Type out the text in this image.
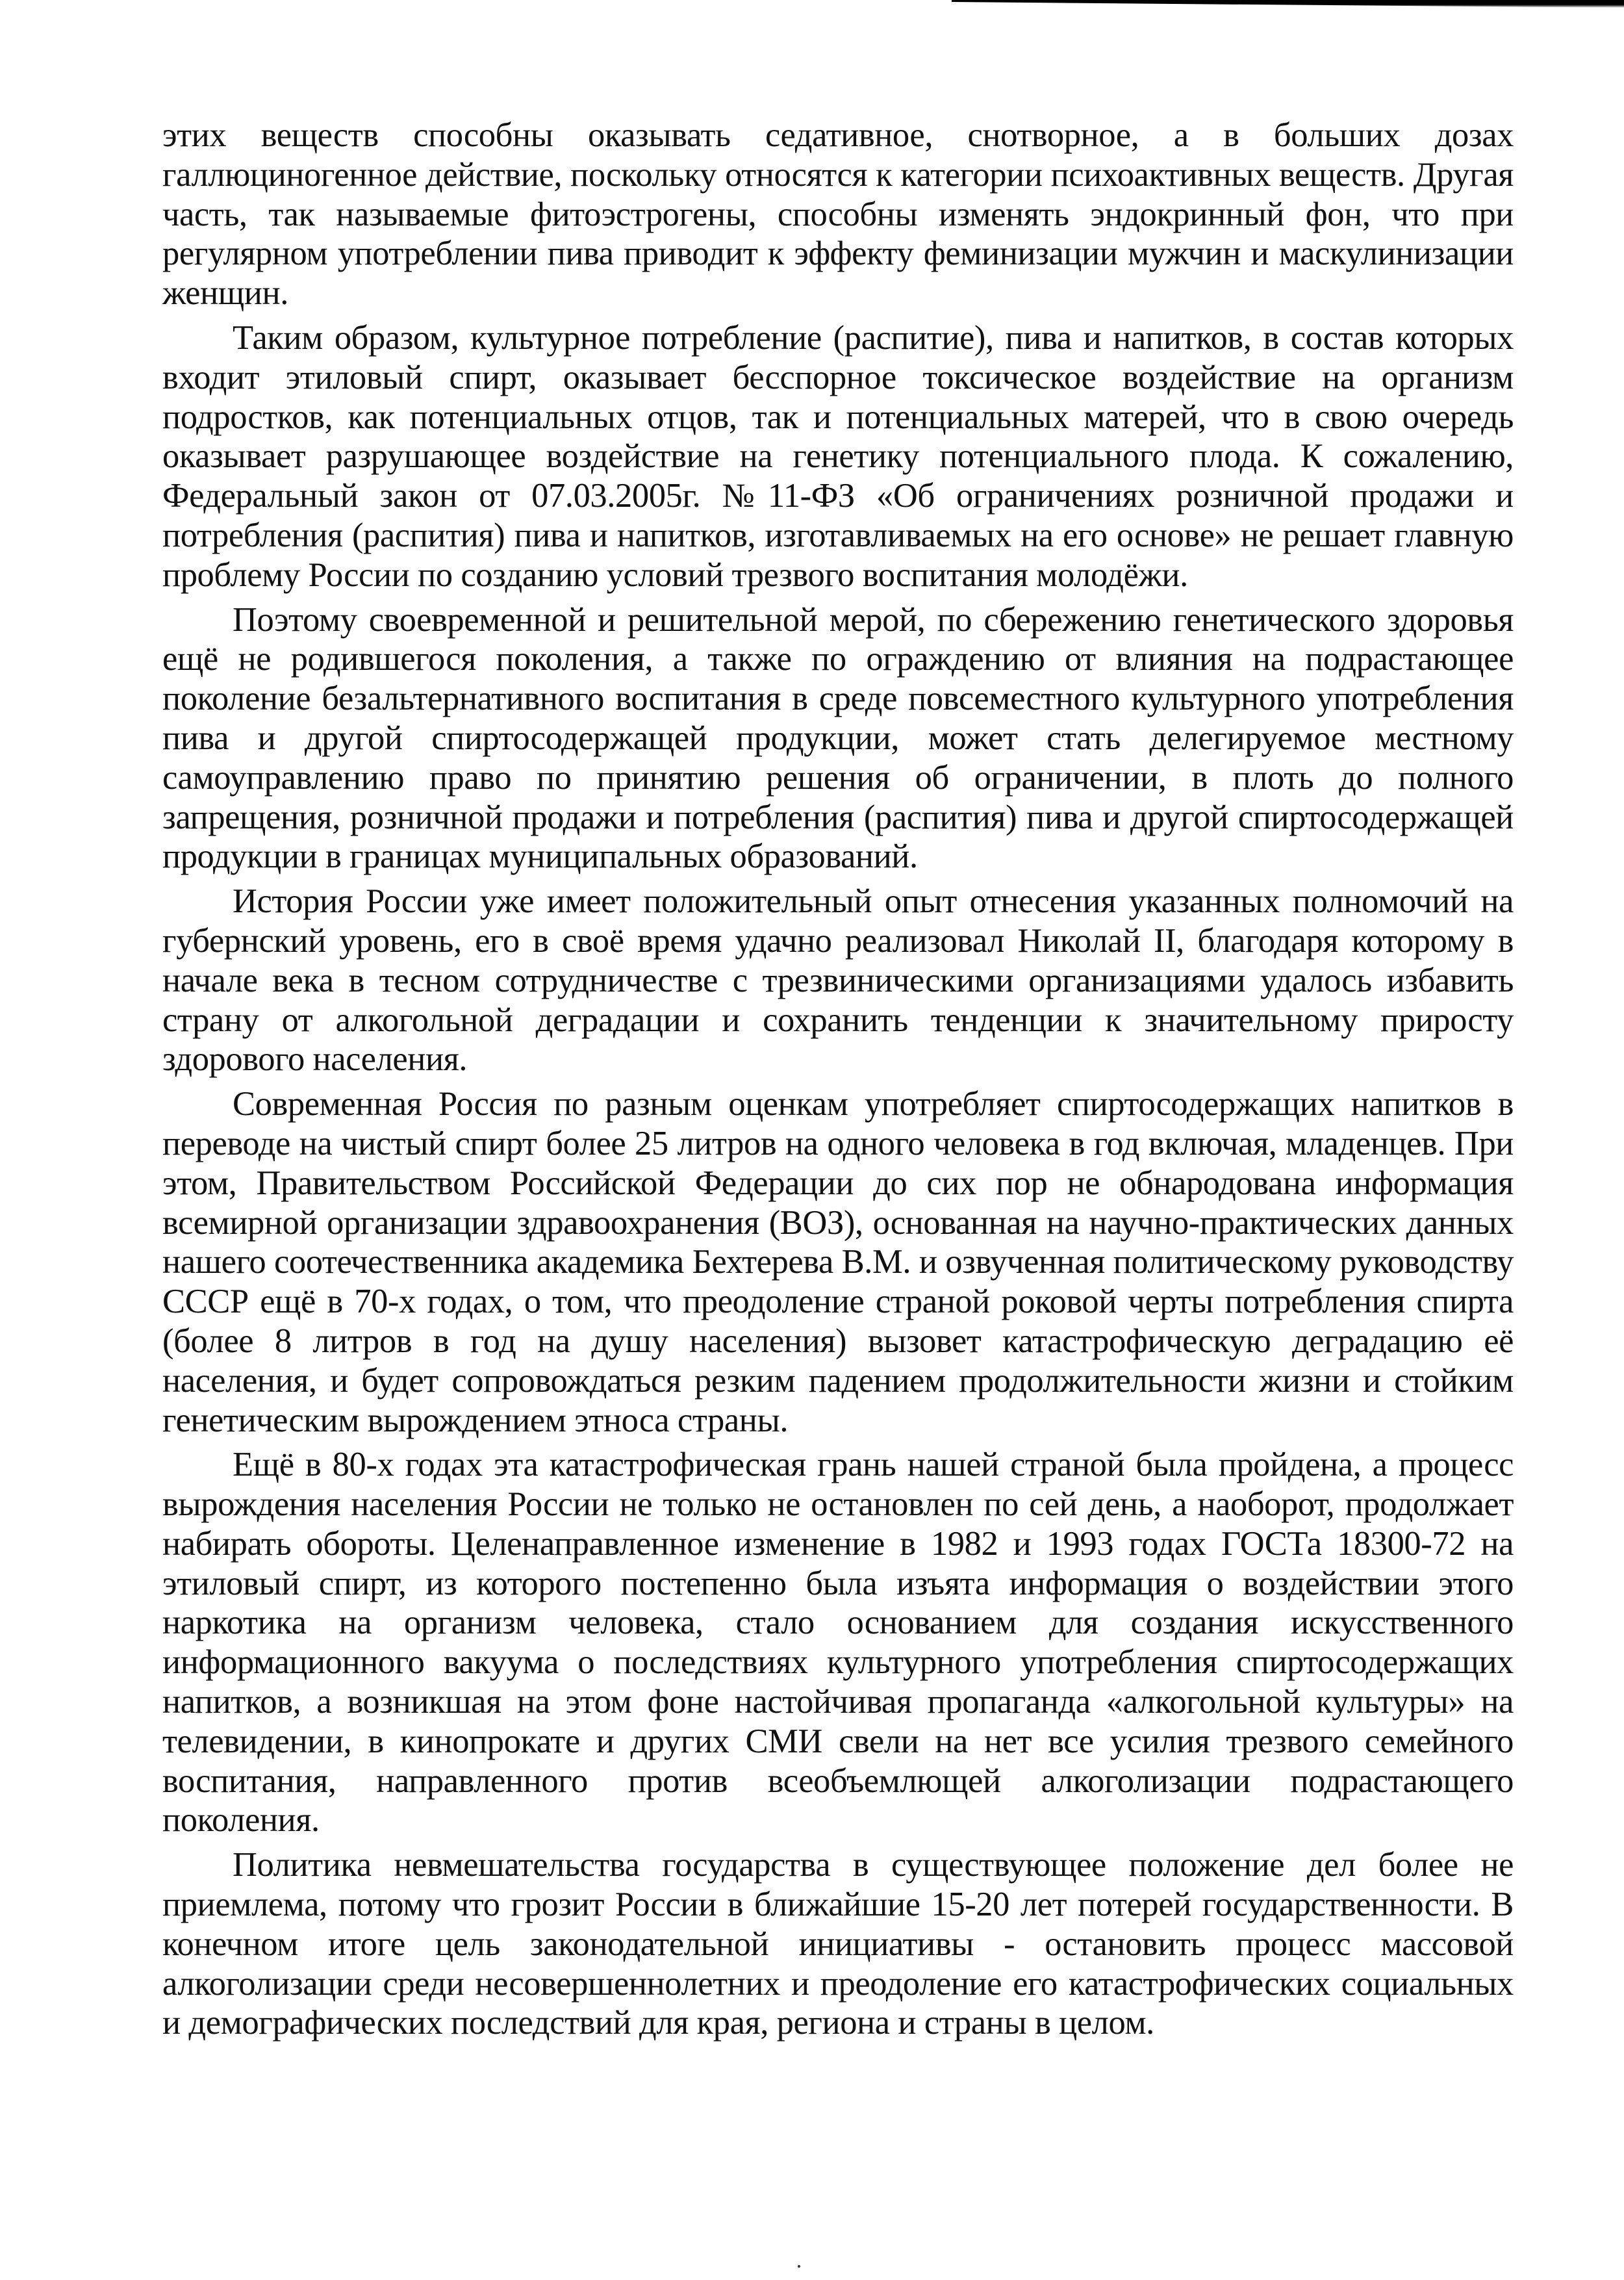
этих веществ способны оказывать седативное, снотворное, а в больших дозах галлюциногенное действие, поскольку относятся к категории психоактивных веществ. Другая часть, так называемые фитоэстрогены, способны изменять эндокринный фон, что при регулярном употреблении пива приводит к эффекту феминизации мужчин и маскулинизации женщин.

Таким образом, культурное потребление (распитие), пива и напитков, в состав которых входит этиловый спирт, оказывает бесспорное токсическое воздействие на организм подростков, как потенциальных отцов, так и потенциальных матерей, что в свою очередь оказывает разрушающее воздействие на генетику потенциального плода. К сожалению, Федеральный закон от 07.03.2005г. №11-ФЗ «Об ограничениях розничной продажи и потребления (распития) пива и напитков, изготавливаемых на его основе» не решает главную проблему России по созданию условий трезвого воспитания молодёжи.

Поэтому своевременной и решительной мерой, по сбережению генетического здоровья ещё не родившегося поколения, а также по ограждению от влияния на подрастающее поколение безальтернативного воспитания в среде повсеместного культурного употребления пива и другой спиртосодержащей продукции, может стать делегируемое местному самоуправлению право по принятию решения об ограничении, в плоть до полного запрещения, розничной продажи и потребления (распития) пива и другой спиртосодержащей продукции в границах муниципальных образований.

История России уже имеет положительный опыт отнесения указанных полномочий на губернский уровень, его в своё время удачно реализовал Николай II, благодаря которому в начале века в тесном сотрудничестве с трезвиническими организациями удалось избавить страну от алкогольной деградации и сохранить тенденции к значительному приросту здорового населения.

Современная Россия по разным оценкам употребляет спиртосодержащих напитков в переводе на чистый спирт более 25 литров на одного человека в год включая, младенцев. При этом, Правительством Российской Федерации до сих пор не обнародована информация всемирной организации здравоохранения (ВОЗ), основанная на научно-практических данных нашего соотечественника академика Бехтерева В.М. и озвученная политическому руководству СССР ещё в 70-х годах, о том, что преодоление страной роковой черты потребления спирта (более 8 литров в год на душу населения) вызовет катастрофическую деградацию её населения, и будет сопровождаться резким падением продолжительности жизни и стойким генетическим вырождением этноса страны.

Ещё в 80-х годах эта катастрофическая грань нашей страной была пройдена, а процесс вырождения населения России не только не остановлен по сей день, а наоборот, продолжает набирать обороты. Целенаправленное изменение в 1982 и 1993 годах ГОСТа 18300-72 на этиловый спирт, из которого постепенно была изъята информация о воздействии этого наркотика на организм человека, стало основанием для создания искусственного информационного вакуума о последствиях культурного употребления спиртосодержащих напитков, а возникшая на этом фоне настойчивая пропаганда «алкогольной культуры» на телевидении, в кинопрокате и других СМИ свели на нет все усилия трезвого семейного воспитания, направленного против всеобъемлющей алкоголизации подрастающего поколения.

Политика невмешательства государства в существующее положение дел более не приемлема, потому что грозит России в ближайшие 15-20 лет потерей государственности. В конечном итоге цель законодательной инициативы - остановить процесс массовой алкоголизации среди несовершеннолетних и преодоление его катастрофических социальных и демографических последствий для края, региона и страны в целом.
